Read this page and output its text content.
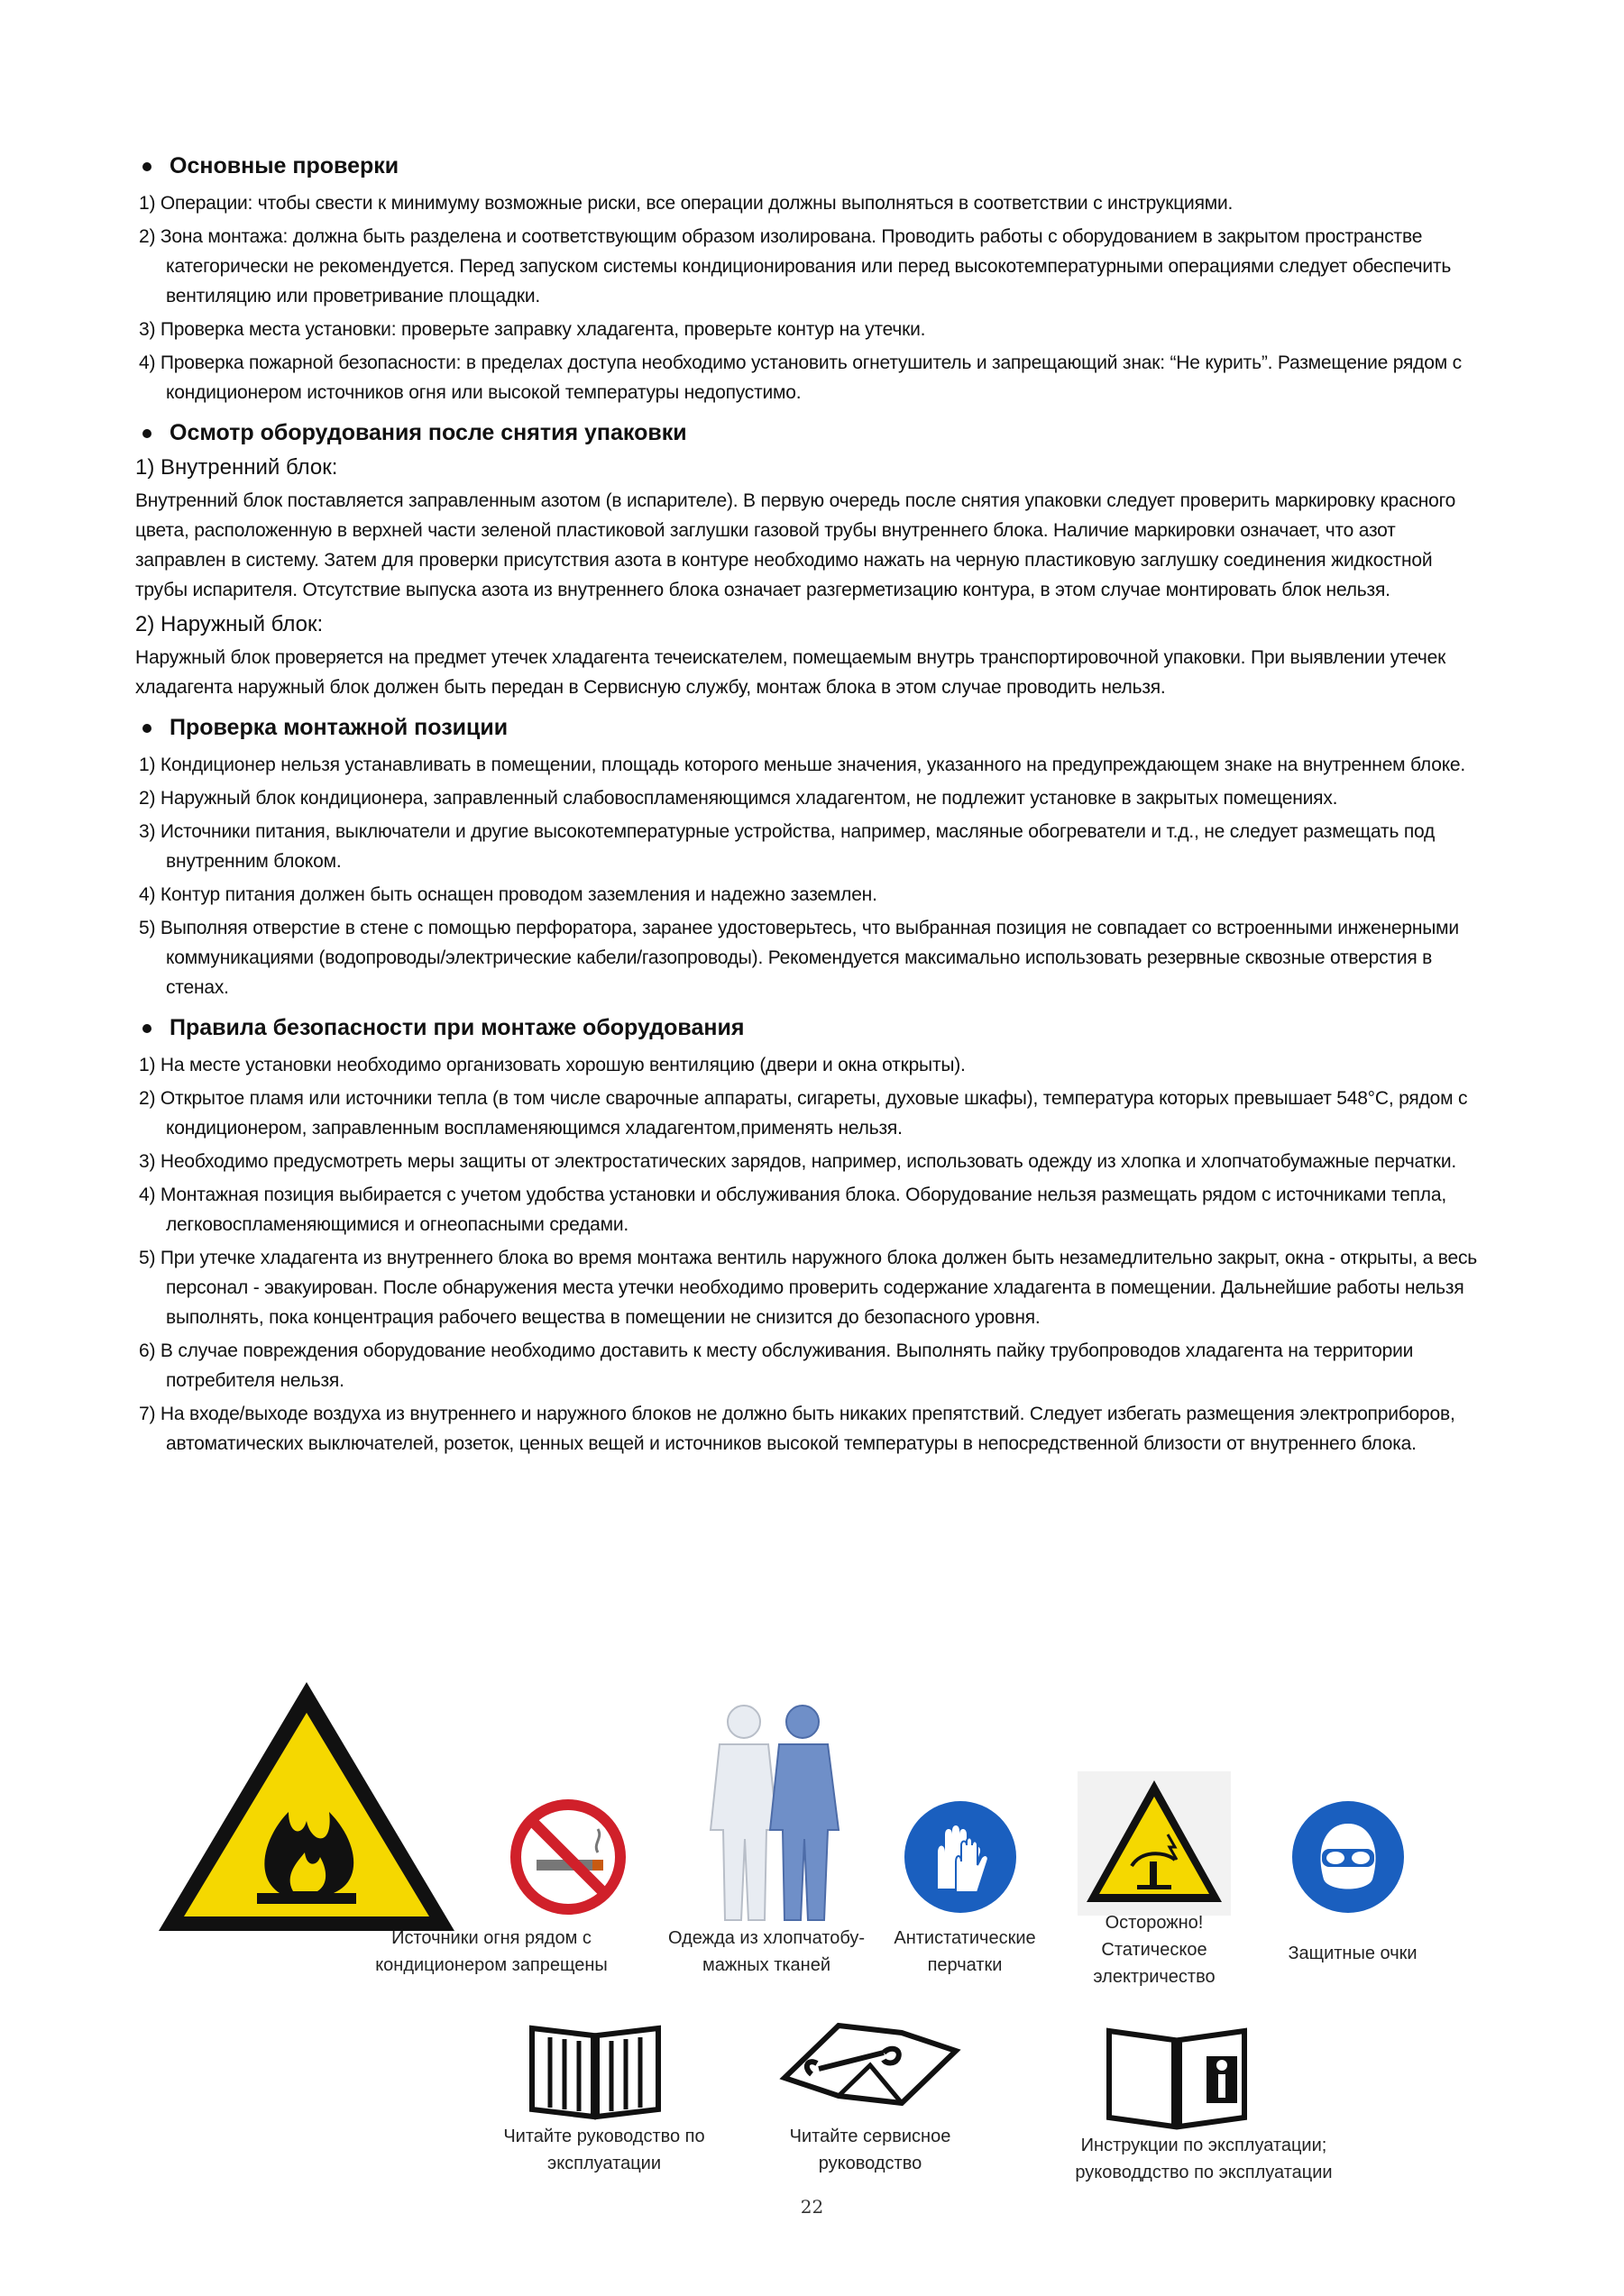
Основные проверки
1) Операции: чтобы свести к минимуму возможные риски, все операции должны выполняться в соответствии с инструкциями.
2) Зона монтажа: должна быть разделена и соответствующим образом изолирована. Проводить работы с оборудованием в закрытом пространстве категорически не рекомендуется. Перед запуском системы кондиционирования или перед высокотемпературными операциями следует обеспечить вентиляцию или проветривание площадки.
3) Проверка места установки: проверьте заправку хладагента, проверьте контур на утечки.
4) Проверка пожарной безопасности: в пределах доступа необходимо установить огнетушитель и запрещающий знак: “Не курить”. Размещение рядом с кондиционером источников огня или высокой температуры недопустимо.
Осмотр оборудования после снятия упаковки
1) Внутренний блок:

Внутренний блок поставляется заправленным азотом (в испарителе). В первую очередь после снятия упаковки следует проверить маркировку красного цвета, расположенную в верхней части зеленой пластиковой заглушки газовой трубы внутреннего блока. Наличие маркировки означает, что азот заправлен в систему. Затем для проверки присутствия азота в контуре необходимо нажать на черную пластиковую заглушку соединения жидкостной трубы испарителя. Отсутствие выпуска азота из внутреннего блока означает разгерметизацию контура, в этом случае монтировать блок нельзя.

2) Наружный блок:

Наружный блок проверяется на предмет утечек хладагента течеискателем, помещаемым внутрь транспортировочной упаковки. При выявлении утечек хладагента наружный блок должен быть передан в Сервисную службу, монтаж блока в этом случае проводить нельзя.

Проверка монтажной позиции
1) Кондиционер нельзя устанавливать в помещении, площадь которого меньше значения, указанного на предупреждающем знаке на внутреннем блоке.
2) Наружный блок кондиционера, заправленный слабовоспламеняющимся хладагентом, не подлежит установке в закрытых помещениях.
3) Источники питания, выключатели и другие высокотемпературные устройства, например, масляные обогреватели и т.д., не следует размещать под внутренним блоком.
4) Контур питания должен быть оснащен проводом заземления и надежно заземлен.
5) Выполняя отверстие в стене с помощью перфоратора, заранее удостоверьтесь, что выбранная позиция не совпадает со встроенными инженерными коммуникациями (водопроводы/электрические кабели/газопроводы). Рекомендуется максимально использовать резервные сквозные отверстия в стенах.
Правила безопасности при монтаже оборудования
1) На месте установки необходимо организовать хорошую вентиляцию (двери и окна открыты).
2) Открытое пламя или источники тепла (в том числе сварочные аппараты, сигареты, духовые шкафы), температура которых превышает 548°С, рядом с кондиционером, заправленным воспламеняющимся хладагентом,применять нельзя.
3) Необходимо предусмотреть меры защиты от электростатических зарядов, например, использовать одежду из хлопка и хлопчатобумажные перчатки.
4) Монтажная позиция выбирается с учетом удобства установки и обслуживания блока. Оборудование нельзя размещать рядом с источниками тепла, легковоспламеняющимися и огнеопасными средами.
5) При утечке хладагента из внутреннего блока во время монтажа вентиль наружного блока должен быть незамедлительно закрыт, окна - открыты, а весь персонал - эвакуирован. После обнаружения места утечки необходимо проверить содержание хладагента в помещении. Дальнейшие работы нельзя выполнять, пока концентрация рабочего вещества в помещении не снизится до безопасного уровня.
6) В случае повреждения оборудование необходимо доставить к месту обслуживания. Выполнять пайку трубопроводов хладагента на территории потребителя нельзя.
7) На входе/выходе воздуха из внутреннего и наружного блоков не должно быть никаких препятствий. Следует избегать размещения электроприборов, автоматических выключателей, розеток, ценных вещей и источников высокой температуры в непосредственной близости от внутреннего блока.
Источники огня рядом с кондиционером запрещены
Одежда из хлопчатобу-мажных тканей
Антистатические перчатки
Осторожно! Статическое электричество
Защитные очки
Читайте руководство по эксплуатации
Читайте сервисное руководство
Инструкции по эксплуатации; руководдство по эксплуатации
22
